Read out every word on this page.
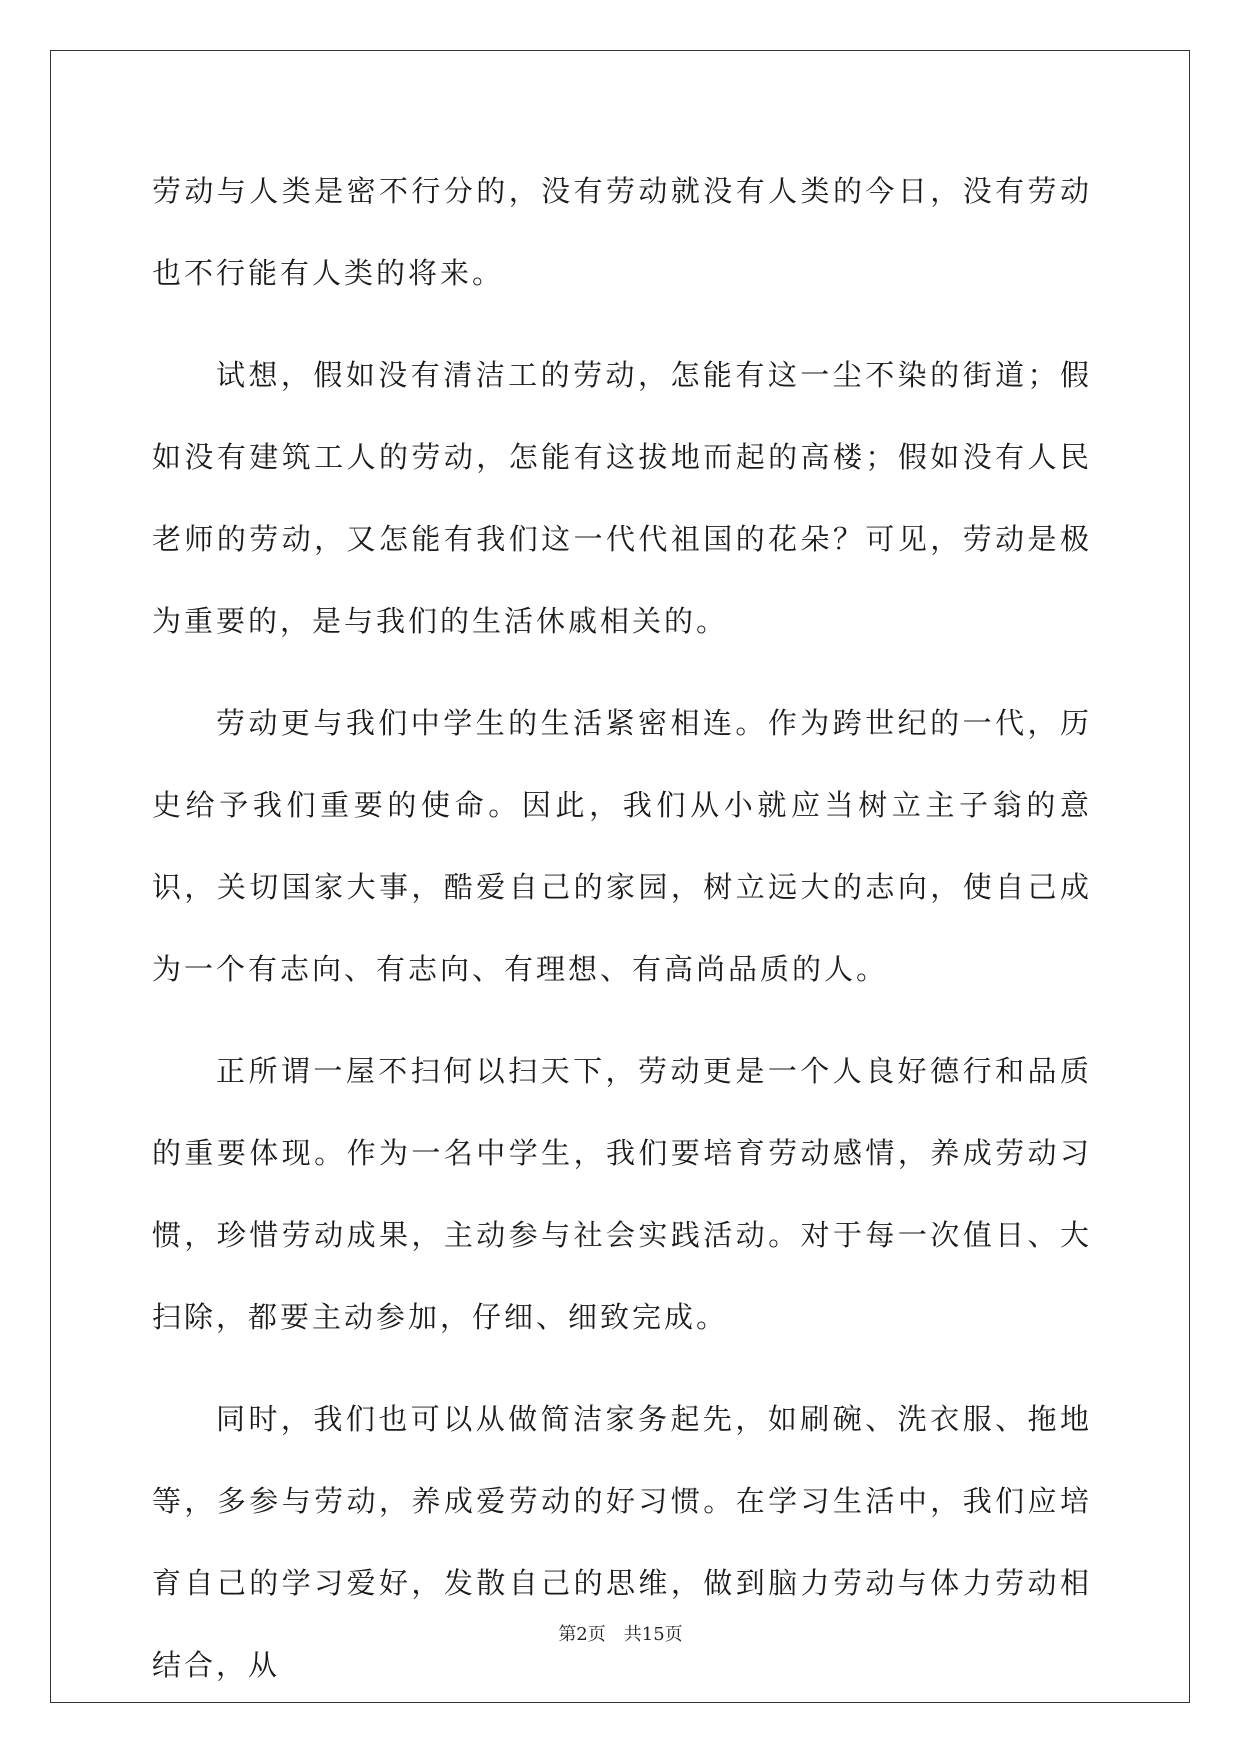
劳动与人类是密不行分的，没有劳动就没有人类的今日，没有劳动也不行能有人类的将来。

试想，假如没有清洁工的劳动，怎能有这一尘不染的街道；假如没有建筑工人的劳动，怎能有这拔地而起的高楼；假如没有人民老师的劳动，又怎能有我们这一代代祖国的花朵？可见，劳动是极为重要的，是与我们的生活休戚相关的。

劳动更与我们中学生的生活紧密相连。作为跨世纪的一代，历史给予我们重要的使命。因此，我们从小就应当树立主子翁的意识，关切国家大事，酷爱自己的家园，树立远大的志向，使自己成为一个有志向、有志向、有理想、有高尚品质的人。

正所谓一屋不扫何以扫天下，劳动更是一个人良好德行和品质的重要体现。作为一名中学生，我们要培育劳动感情，养成劳动习惯，珍惜劳动成果，主动参与社会实践活动。对于每一次值日、大扫除，都要主动参加，仔细、细致完成。

同时，我们也可以从做简洁家务起先，如刷碗、洗衣服、拖地等，多参与劳动，养成爱劳动的好习惯。在学习生活中，我们应培育自己的学习爱好，发散自己的思维，做到脑力劳动与体力劳动相结合，从

第2页　共15页
